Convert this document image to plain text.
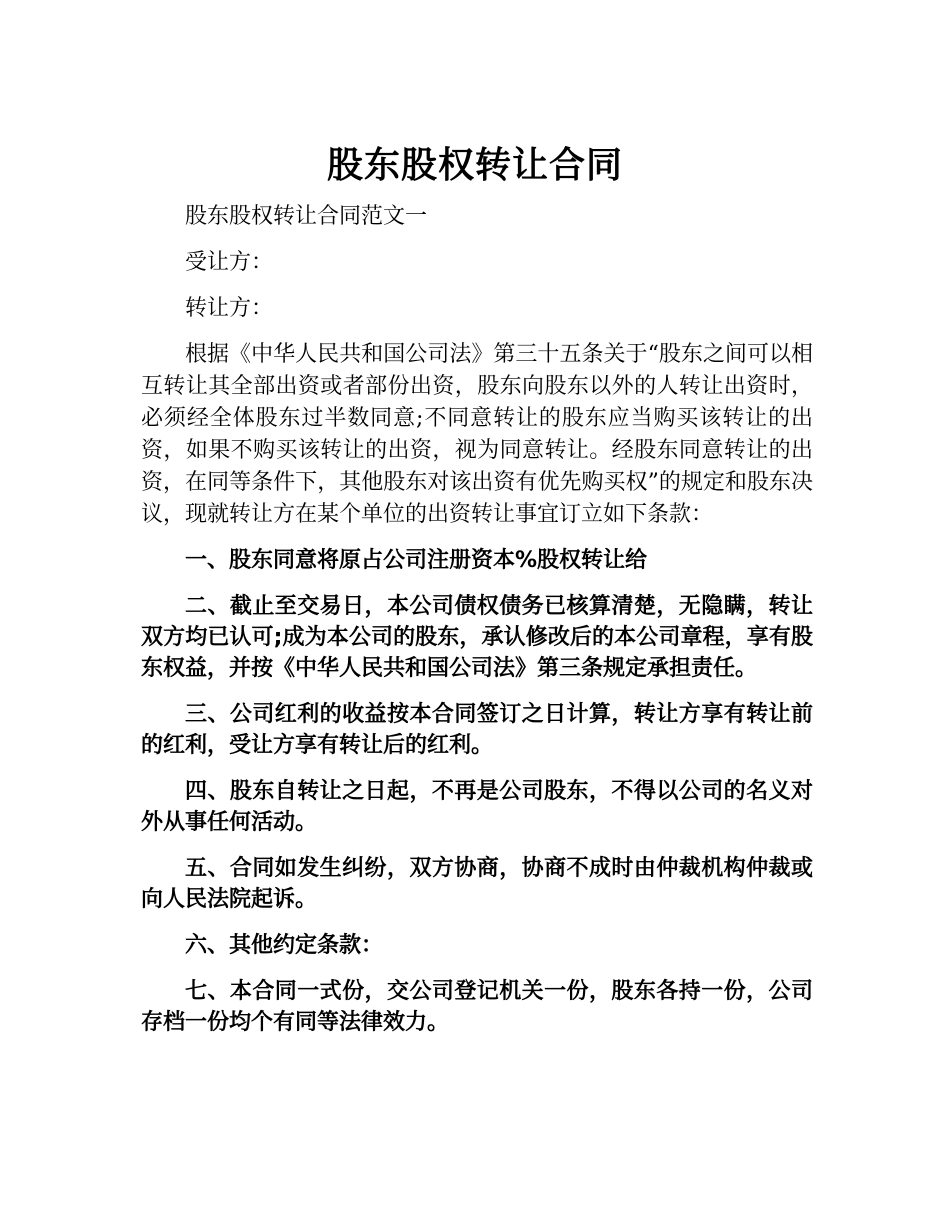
股东股权转让合同

股东股权转让合同范文一

受让方：

转让方：

根据《中华人民共和国公司法》第三十五条关于“股东之间可以相互转让其全部出资或者部份出资，股东向股东以外的人转让出资时，必须经全体股东过半数同意;不同意转让的股东应当购买该转让的出资，如果不购买该转让的出资，视为同意转让。经股东同意转让的出资，在同等条件下，其他股东对该出资有优先购买权”的规定和股东决议，现就转让方在某个单位的出资转让事宜订立如下条款：

一、股东同意将原占公司注册资本%股权转让给

二、截止至交易日，本公司债权债务已核算清楚，无隐瞒，转让双方均已认可;成为本公司的股东，承认修改后的本公司章程，享有股东权益，并按《中华人民共和国公司法》第三条规定承担责任。

三、公司红利的收益按本合同签订之日计算，转让方享有转让前的红利，受让方享有转让后的红利。

四、股东自转让之日起，不再是公司股东，不得以公司的名义对外从事任何活动。

五、合同如发生纠纷，双方协商，协商不成时由仲裁机构仲裁或向人民法院起诉。

六、其他约定条款：

七、本合同一式份，交公司登记机关一份，股东各持一份，公司存档一份均个有同等法律效力。
